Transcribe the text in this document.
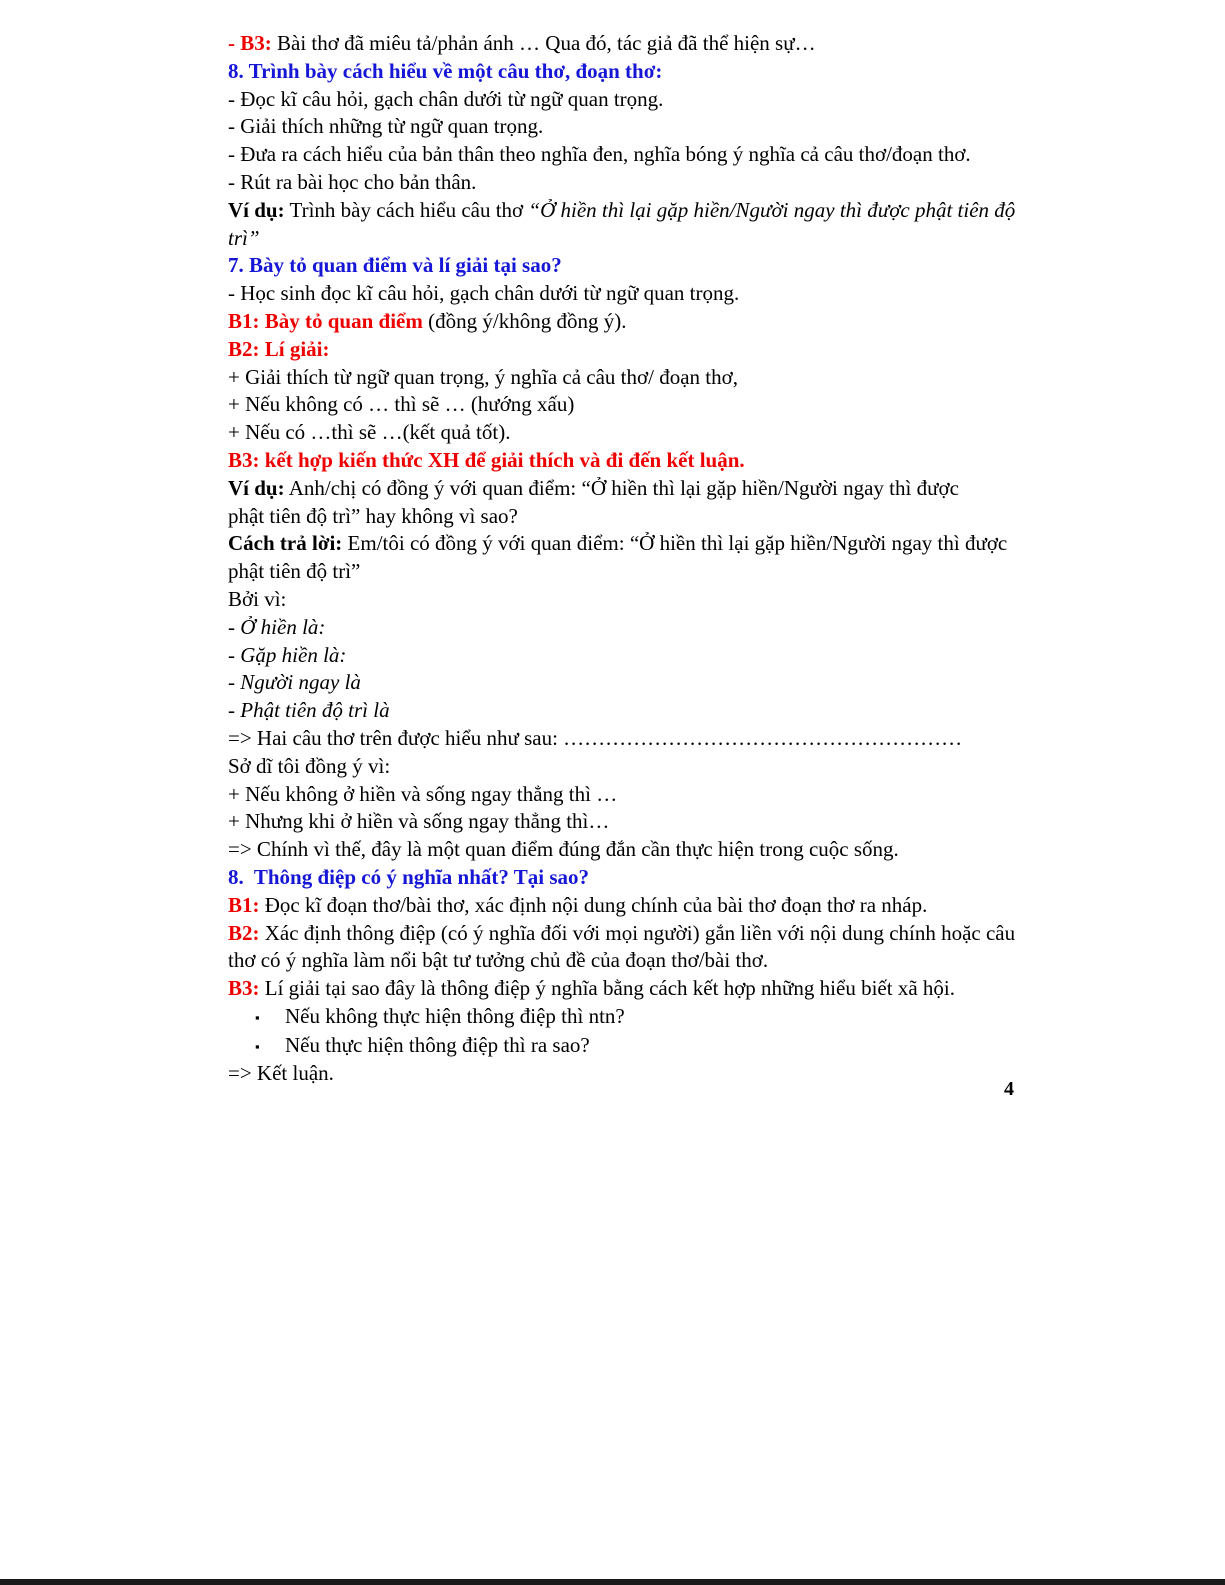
- B3: Bài thơ đã miêu tả/phản ánh … Qua đó, tác giả đã thể hiện sự…

8. Trình bày cách hiểu về một câu thơ, đoạn thơ:

- Đọc kĩ câu hỏi, gạch chân dưới từ ngữ quan trọng.

- Giải thích những từ ngữ quan trọng.

- Đưa ra cách hiểu của bản thân theo nghĩa đen, nghĩa bóng ý nghĩa cả câu thơ/đoạn thơ.

- Rút ra bài học cho bản thân.

Ví dụ: Trình bày cách hiểu câu thơ “Ở hiền thì lại gặp hiền/Người ngay thì được phật tiên độ

trì”

7. Bày tỏ quan điểm và lí giải tại sao?

- Học sinh đọc kĩ câu hỏi, gạch chân dưới từ ngữ quan trọng.

B1: Bày tỏ quan điểm (đồng ý/không đồng ý).

B2: Lí giải:

+ Giải thích từ ngữ quan trọng, ý nghĩa cả câu thơ/ đoạn thơ,

+ Nếu không có … thì sẽ … (hướng xấu)

+ Nếu có …thì sẽ …(kết quả tốt).

B3: kết hợp kiến thức XH để giải thích và đi đến kết luận.

Ví dụ: Anh/chị có đồng ý với quan điểm: “Ở hiền thì lại gặp hiền/Người ngay thì được

phật tiên độ trì” hay không vì sao?

Cách trả lời: Em/tôi có đồng ý với quan điểm: “Ở hiền thì lại gặp hiền/Người ngay thì được

phật tiên độ trì”

Bởi vì:

- Ở hiền là:

- Gặp hiền là:

- Người ngay là

- Phật tiên độ trì là

=> Hai câu thơ trên được hiểu như sau: …………………………………………………

Sở dĩ tôi đồng ý vì:

+ Nếu không ở hiền và sống ngay thẳng thì …

+ Nhưng khi ở hiền và sống ngay thẳng thì…

=> Chính vì thế, đây là một quan điểm đúng đắn cần thực hiện trong cuộc sống.

8.  Thông điệp có ý nghĩa nhất? Tại sao?

B1: Đọc kĩ đoạn thơ/bài thơ, xác định nội dung chính của bài thơ đoạn thơ ra nháp.

B2: Xác định thông điệp (có ý nghĩa đối với mọi người) gắn liền với nội dung chính hoặc câu

thơ có ý nghĩa làm nổi bật tư tưởng chủ đề của đoạn thơ/bài thơ.

B3: Lí giải tại sao đây là thông điệp ý nghĩa bằng cách kết hợp những hiểu biết xã hội.

▪ Nếu không thực hiện thông điệp thì ntn?

▪ Nếu thực hiện thông điệp thì ra sao?

=> Kết luận.

4
